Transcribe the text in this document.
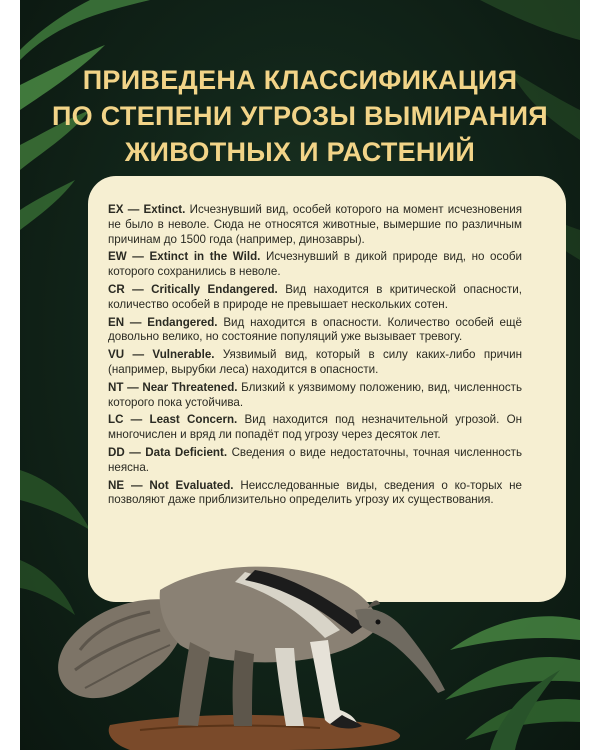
ПРИВЕДЕНА КЛАССИФИКАЦИЯ
ПО СТЕПЕНИ УГРОЗЫ ВЫМИРАНИЯ
ЖИВОТНЫХ И РАСТЕНИЙ
EX — Extinct. Исчезнувший вид, особей которого на момент исчезновения не было в неволе. Сюда не относятся животные, вымершие по различным причинам до 1500 года (например, динозавры).
EW — Extinct in the Wild. Исчезнувший в дикой природе вид, но особи которого сохранились в неволе.
CR — Critically Endangered. Вид находится в критической опасности, количество особей в природе не превышает нескольких сотен.
EN — Endangered. Вид находится в опасности. Количество особей ещё довольно велико, но состояние популяций уже вызывает тревогу.
VU — Vulnerable. Уязвимый вид, который в силу каких-либо причин (например, вырубки леса) находится в опасности.
NT — Near Threatened. Близкий к уязвимому положению, вид, численность которого пока устойчива.
LC — Least Concern. Вид находится под незначительной угрозой. Он многочислен и вряд ли попадёт под угрозу через десяток лет.
DD — Data Deficient. Сведения о виде недостаточны, точная численность неясна.
NE — Not Evaluated. Неисследованные виды, сведения о ко-торых не позволяют даже приблизительно определить угрозу их существования.
